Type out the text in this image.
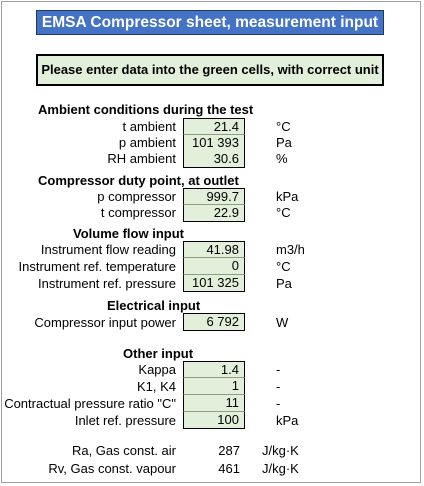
EMSA Compressor sheet, measurement input
Please enter data into the green cells, with correct unit
Ambient conditions during the test
t ambient	21.4	°C
p ambient	101 393	Pa
RH ambient	30.6	%
Compressor duty point, at outlet
p compressor	999.7	kPa
t compressor	22.9	°C
Volume flow input
Instrument flow reading	41.98	m3/h
Instrument ref. temperature	0	°C
Instrument ref. pressure	101 325	Pa
Electrical input
Compressor input power	6 792	W
Other input
Kappa	1.4	-
K1, K4	1	-
Contractual pressure ratio "C"	11	-
Inlet ref. pressure	100	kPa
Ra, Gas const. air	287	J/kg·K
Rv, Gas const. vapour	461	J/kg·K
